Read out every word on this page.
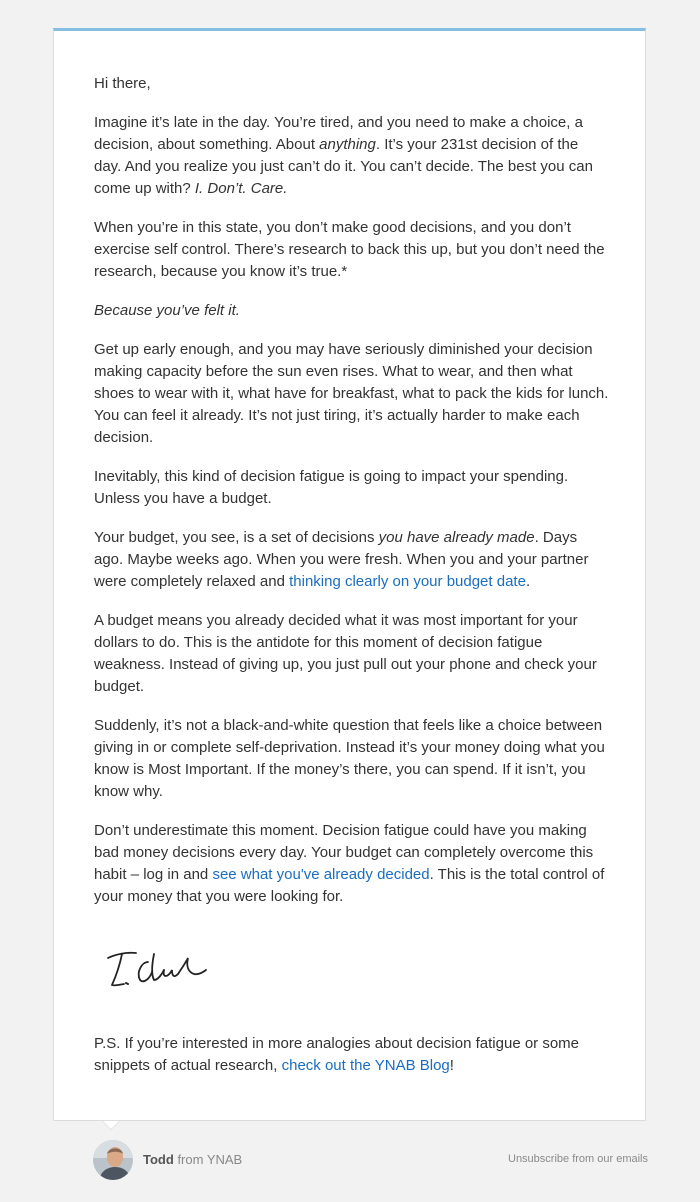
Hi there,

Imagine it’s late in the day. You’re tired, and you need to make a choice, a decision, about something. About anything. It’s your 231st decision of the day. And you realize you just can’t do it. You can’t decide. The best you can come up with? I. Don’t. Care.

When you’re in this state, you don’t make good decisions, and you don’t exercise self control. There’s research to back this up, but you don’t need the research, because you know it’s true.*

Because you’ve felt it.

Get up early enough, and you may have seriously diminished your decision making capacity before the sun even rises. What to wear, and then what shoes to wear with it, what have for breakfast, what to pack the kids for lunch. You can feel it already. It’s not just tiring, it’s actually harder to make each decision.

Inevitably, this kind of decision fatigue is going to impact your spending. Unless you have a budget.

Your budget, you see, is a set of decisions you have already made. Days ago. Maybe weeks ago. When you were fresh. When you and your partner were completely relaxed and thinking clearly on your budget date.

A budget means you already decided what it was most important for your dollars to do. This is the antidote for this moment of decision fatigue weakness. Instead of giving up, you just pull out your phone and check your budget.

Suddenly, it’s not a black-and-white question that feels like a choice between giving in or complete self-deprivation. Instead it’s your money doing what you know is Most Important. If the money’s there, you can spend. If it isn’t, you know why.

Don’t underestimate this moment. Decision fatigue could have you making bad money decisions every day. Your budget can completely overcome this habit – log in and see what you've already decided. This is the total control of your money that you were looking for.

P.S. If you’re interested in more analogies about decision fatigue or some snippets of actual research, check out the YNAB Blog!

Todd from YNAB	Unsubscribe from our emails
